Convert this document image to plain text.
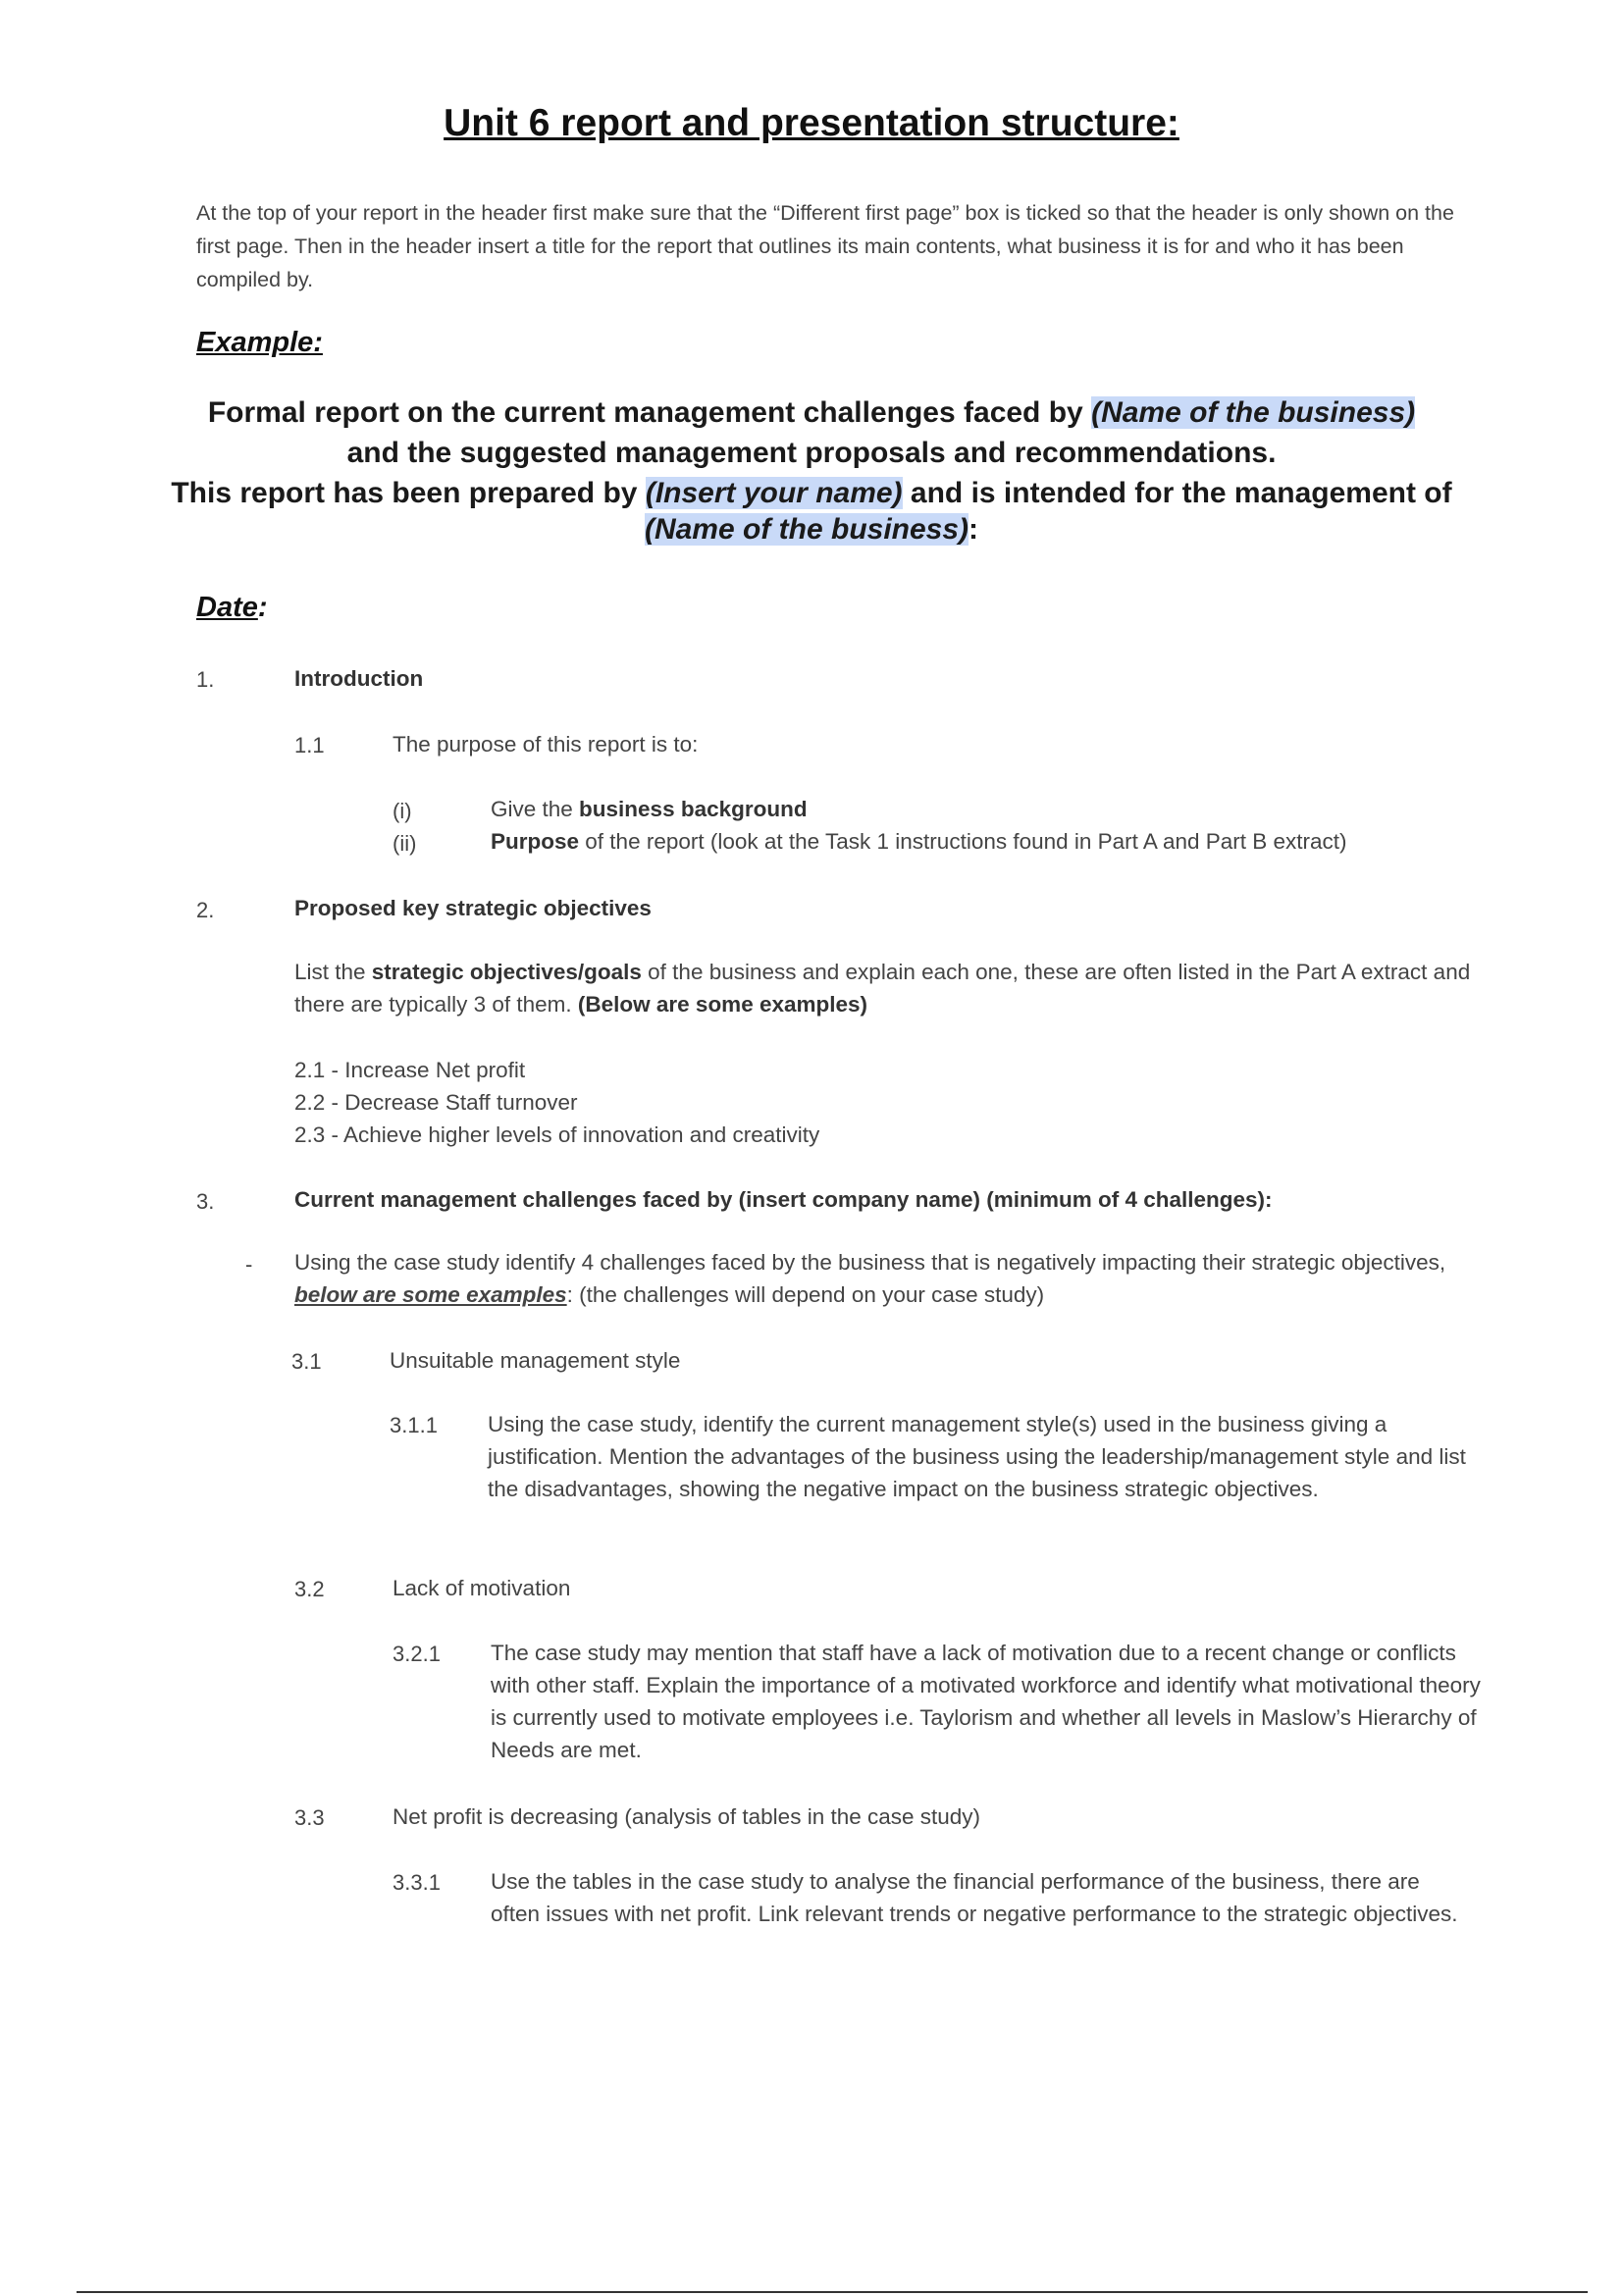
Unit 6 report and presentation structure:
At the top of your report in the header first make sure that the “Different first page” box is ticked so that the header is only shown on the first page. Then in the header insert a title for the report that outlines its main contents, what business it is for and who it has been compiled by.
Example:
Formal report on the current management challenges faced by (Name of the business)
and the suggested management proposals and recommendations.
This report has been prepared by (Insert your name) and is intended for the management of

(Name of the business):
Date:
1.	Introduction
1.1	The purpose of this report is to:
(i)	Give the business background
(ii)	Purpose of the report (look at the Task 1 instructions found in Part A and Part B extract)
2.	Proposed key strategic objectives
List the strategic objectives/goals of the business and explain each one, these are often listed in the Part A extract and there are typically 3 of them. (Below are some examples)
2.1 - Increase Net profit
2.2 - Decrease Staff turnover
2.3 - Achieve higher levels of innovation and creativity
3.	Current management challenges faced by (insert company name) (minimum of 4 challenges):
- Using the case study identify 4 challenges faced by the business that is negatively impacting their strategic objectives, below are some examples: (the challenges will depend on your case study)
3.1	Unsuitable management style
3.1.1 Using the case study, identify the current management style(s) used in the business giving a justification. Mention the advantages of the business using the leadership/management style and list the disadvantages, showing the negative impact on the business strategic objectives.
3.2	Lack of motivation
3.2.1 The case study may mention that staff have a lack of motivation due to a recent change or conflicts with other staff. Explain the importance of a motivated workforce and identify what motivational theory is currently used to motivate employees i.e. Taylorism and whether all levels in Maslow’s Hierarchy of Needs are met.
3.3	Net profit is decreasing (analysis of tables in the case study)
3.3.1 Use the tables in the case study to analyse the financial performance of the business, there are often issues with net profit. Link relevant trends or negative performance to the strategic objectives.
